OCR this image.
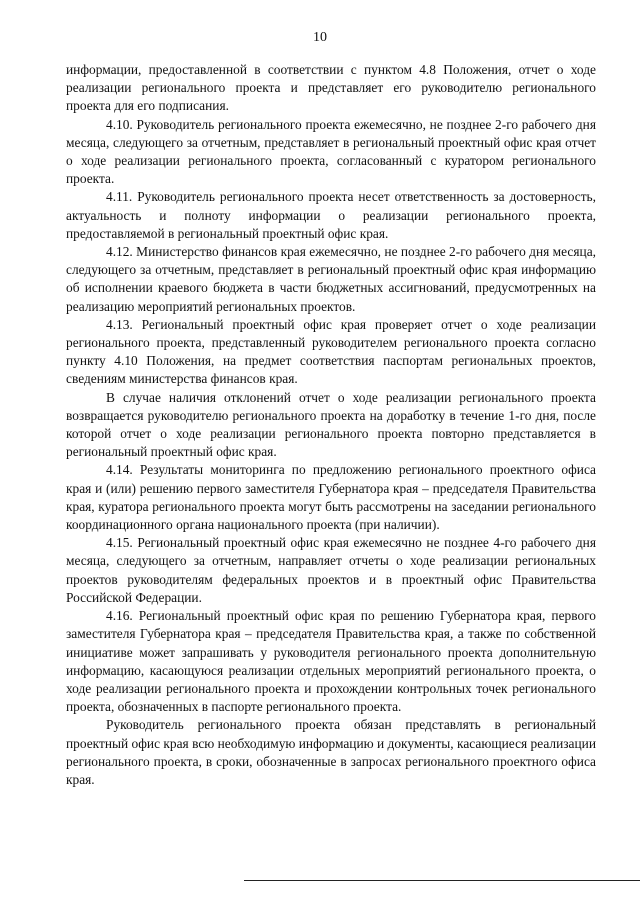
10

информации, предоставленной в соответствии с пунктом 4.8 Положения, отчет о ходе реализации регионального проекта и представляет его руководителю регионального проекта для его подписания.

4.10. Руководитель регионального проекта ежемесячно, не позднее 2-го рабочего дня месяца, следующего за отчетным, представляет в региональный проектный офис края отчет о ходе реализации регионального проекта, согласованный с куратором регионального проекта.

4.11. Руководитель регионального проекта несет ответственность за достоверность, актуальность и полноту информации о реализации регионального проекта, предоставляемой в региональный проектный офис края.

4.12. Министерство финансов края ежемесячно, не позднее 2-го рабочего дня месяца, следующего за отчетным, представляет в региональный проектный офис края информацию об исполнении краевого бюджета в части бюджетных ассигнований, предусмотренных на реализацию мероприятий региональных проектов.

4.13. Региональный проектный офис края проверяет отчет о ходе реализации регионального проекта, представленный руководителем регионального проекта согласно пункту 4.10 Положения, на предмет соответствия паспортам региональных проектов, сведениям министерства финансов края.

В случае наличия отклонений отчет о ходе реализации регионального проекта возвращается руководителю регионального проекта на доработку в течение 1-го дня, после которой отчет о ходе реализации регионального проекта повторно представляется в региональный проектный офис края.

4.14. Результаты мониторинга по предложению регионального проектного офиса края и (или) решению первого заместителя Губернатора края – председателя Правительства края, куратора регионального проекта могут быть рассмотрены на заседании регионального координационного органа национального проекта (при наличии).

4.15. Региональный проектный офис края ежемесячно не позднее 4-го рабочего дня месяца, следующего за отчетным, направляет отчеты о ходе реализации региональных проектов руководителям федеральных проектов и в проектный офис Правительства Российской Федерации.

4.16. Региональный проектный офис края по решению Губернатора края, первого заместителя Губернатора края – председателя Правительства края, а также по собственной инициативе может запрашивать у руководителя регионального проекта дополнительную информацию, касающуюся реализации отдельных мероприятий регионального проекта, о ходе реализации регионального проекта и прохождении контрольных точек регионального проекта, обозначенных в паспорте регионального проекта.

Руководитель регионального проекта обязан представлять в региональный проектный офис края всю необходимую информацию и документы, касающиеся реализации регионального проекта, в сроки, обозначенные в запросах регионального проектного офиса края.
